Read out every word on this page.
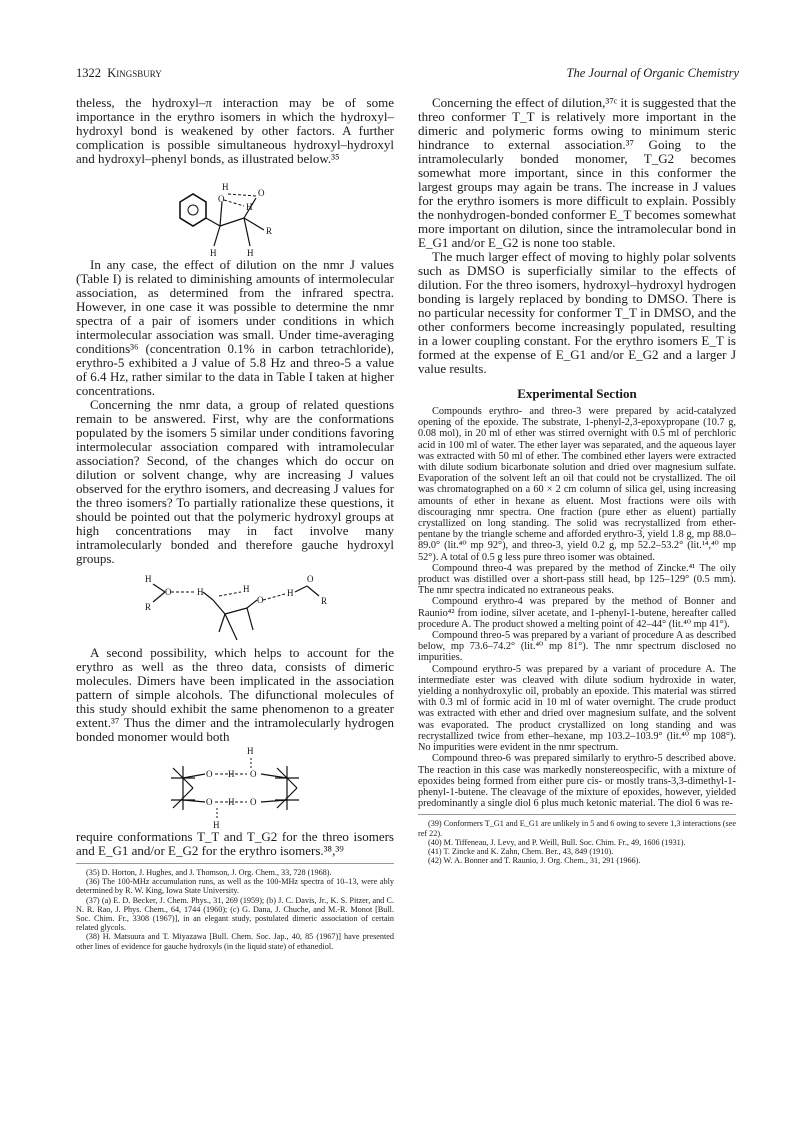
1322 Kingsbury	The Journal of Organic Chemistry

theless, the hydroxyl–π interaction may be of some importance in the erythro isomers in which the hydroxyl–hydroxyl bond is weakened by other factors. A further complication is possible simultaneous hydroxyl–hydroxyl and hydroxyl–phenyl bonds, as illustrated below.³⁵

H
O
O
H
R
H	H

In any case, the effect of dilution on the nmr J values (Table I) is related to diminishing amounts of intermolecular association, as determined from the infrared spectra. However, in one case it was possible to determine the nmr spectra of a pair of isomers under conditions in which intermolecular association was small. Under time-averaging conditions³⁶ (concentration 0.1% in carbon tetrachloride), erythro-5 exhibited a J value of 5.8 Hz and threo-5 a value of 6.4 Hz, rather similar to the data in Table I taken at higher concentrations.

Concerning the nmr data, a group of related questions remain to be answered. First, why are the conformations populated by the isomers 5 similar under conditions favoring intermolecular association compared with intramolecular association? Second, of the changes which do occur on dilution or solvent change, why are increasing J values observed for the erythro isomers, and decreasing J values for the threo isomers? To partially rationalize these questions, it should be pointed out that the polymeric hydroxyl groups at high concentrations may in fact involve many intramolecularly bonded and therefore gauche hydroxyl groups.

H
R
O	H	H
O
H
O
R

A second possibility, which helps to account for the erythro as well as the threo data, consists of dimeric molecules. Dimers have been implicated in the association pattern of simple alcohols. The difunctional molecules of this study should exhibit the same phenomenon to a greater extent.³⁷ Thus the dimer and the intramolecularly hydrogen bonded monomer would both

H
O H O
O H O
H

require conformations T_T and T_G2 for the threo isomers and E_G1 and/or E_G2 for the erythro isomers.³⁸,³⁹

(35) D. Horton, J. Hughes, and J. Thomson, J. Org. Chem., 33, 728 (1968).
(36) The 100-MHz accumulation runs, as well as the 100-MHz spectra of 10–13, were ably determined by R. W. King, Iowa State University.
(37) (a) E. D. Becker, J. Chem. Phys., 31, 269 (1959); (b) J. C. Davis, Jr., K. S. Pitzer, and C. N. R. Rao, J. Phys. Chem., 64, 1744 (1960); (c) G. Dana, J. Chuche, and M.-R. Monot [Bull. Soc. Chim. Fr., 3308 (1967)], in an elegant study, postulated dimeric association of certain related glycols.
(38) H. Matsuura and T. Miyazawa [Bull. Chem. Soc. Jap., 40, 85 (1967)] have presented other lines of evidence for gauche hydroxyls (in the liquid state) of ethanediol.

Concerning the effect of dilution,³⁷ᶜ it is suggested that the threo conformer T_T is relatively more important in the dimeric and polymeric forms owing to minimum steric hindrance to external association.³⁷ Going to the intramolecularly bonded monomer, T_G2 becomes somewhat more important, since in this conformer the largest groups may again be trans. The increase in J values for the erythro isomers is more difficult to explain. Possibly the nonhydrogen-bonded conformer E_T becomes somewhat more important on dilution, since the intramolecular bond in E_G1 and/or E_G2 is none too stable.

The much larger effect of moving to highly polar solvents such as DMSO is superficially similar to the effects of dilution. For the threo isomers, hydroxyl–hydroxyl hydrogen bonding is largely replaced by bonding to DMSO. There is no particular necessity for conformer T_T in DMSO, and the other conformers become increasingly populated, resulting in a lower coupling constant. For the erythro isomers E_T is formed at the expense of E_G1 and/or E_G2 and a larger J value results.

Experimental Section

Compounds erythro- and threo-3 were prepared by acid-catalyzed opening of the epoxide. The substrate, 1-phenyl-2,3-epoxypropane (10.7 g, 0.08 mol), in 20 ml of ether was stirred overnight with 0.5 ml of perchloric acid in 100 ml of water. The ether layer was separated, and the aqueous layer was extracted with 50 ml of ether. The combined ether layers were extracted with dilute sodium bicarbonate solution and dried over magnesium sulfate. Evaporation of the solvent left an oil that could not be crystallized. The oil was chromatographed on a 60 × 2 cm column of silica gel, using increasing amounts of ether in hexane as eluent. Most fractions were oils with discouraging nmr spectra. One fraction (pure ether as eluent) partially crystallized on long standing. The solid was recrystallized from ether-pentane by the triangle scheme and afforded erythro-3, yield 1.8 g, mp 88.0–89.0° (lit.⁴⁰ mp 92°), and threo-3, yield 0.2 g, mp 52.2–53.2° (lit.¹⁴,⁴⁰ mp 52°). A total of 0.5 g less pure threo isomer was obtained.

Compound threo-4 was prepared by the method of Zincke.⁴¹ The oily product was distilled over a short-pass still head, bp 125–129° (0.5 mm). The nmr spectra indicated no extraneous peaks.

Compound erythro-4 was prepared by the method of Bonner and Raunio⁴² from iodine, silver acetate, and 1-phenyl-1-butene, hereafter called procedure A. The product showed a melting point of 42–44° (lit.⁴⁰ mp 41°).

Compound threo-5 was prepared by a variant of procedure A as described below, mp 73.6–74.2° (lit.⁴⁰ mp 81°). The nmr spectrum disclosed no impurities.

Compound erythro-5 was prepared by a variant of procedure A. The intermediate ester was cleaved with dilute sodium hydroxide in water, yielding a nonhydroxylic oil, probably an epoxide. This material was stirred with 0.3 ml of formic acid in 10 ml of water overnight. The crude product was extracted with ether and dried over magnesium sulfate, and the solvent was evaporated. The product crystallized on long standing and was recrystallized twice from ether–hexane, mp 103.2–103.9° (lit.⁴⁰ mp 108°). No impurities were evident in the nmr spectrum.

Compound threo-6 was prepared similarly to erythro-5 described above. The reaction in this case was markedly nonstereospecific, with a mixture of epoxides being formed from either pure cis- or mostly trans-3,3-dimethyl-1-phenyl-1-butene. The cleavage of the mixture of epoxides, however, yielded predominantly a single diol 6 plus much ketonic material. The diol 6 was re-

(39) Conformers T_G1 and E_G1 are unlikely in 5 and 6 owing to severe 1,3 interactions (see ref 22).
(40) M. Tiffeneau, J. Levy, and P. Weill, Bull. Soc. Chim. Fr., 49, 1606 (1931).
(41) T. Zincke and K. Zahn, Chem. Ber., 43, 849 (1910).
(42) W. A. Bonner and T. Raunio, J. Org. Chem., 31, 291 (1966).
